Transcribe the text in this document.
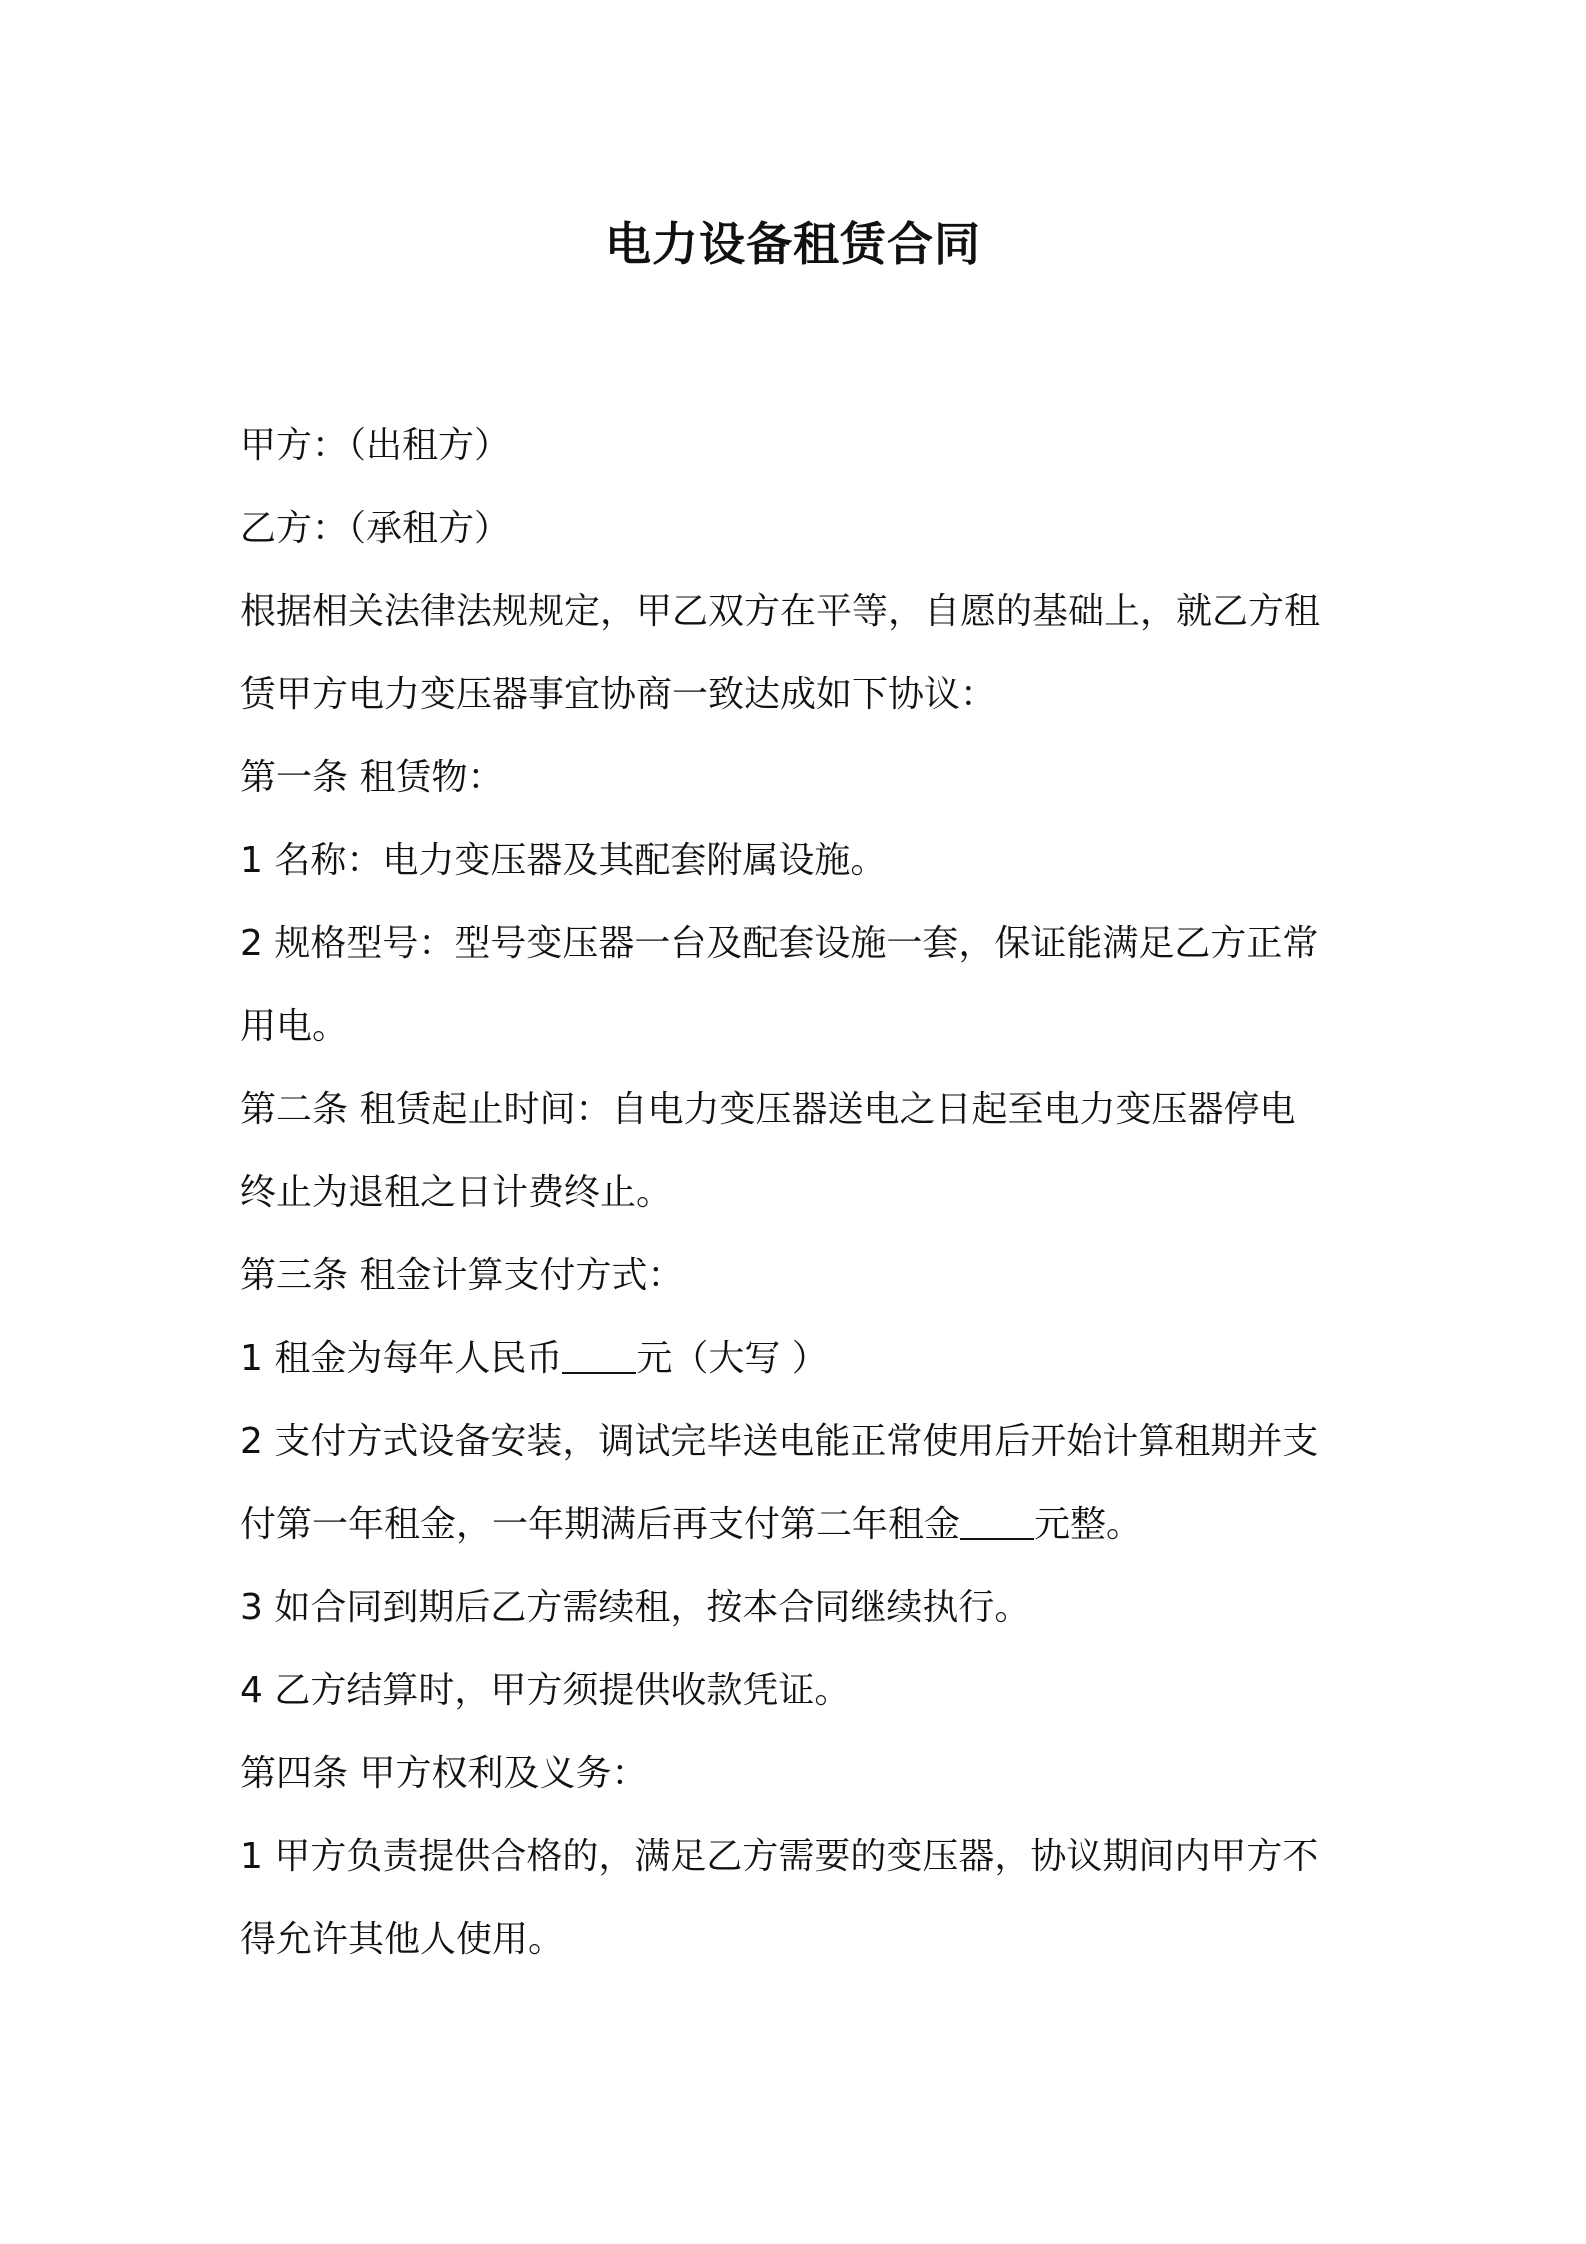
电力设备租赁合同
甲方：（出租方）
乙方：（承租方）
根据相关法律法规规定，甲乙双方在平等，自愿的基础上，就乙方租
赁甲方电力变压器事宜协商一致达成如下协议：
第一条 租赁物：
1 名称：电力变压器及其配套附属设施。
2 规格型号：型号变压器一台及配套设施一套，保证能满足乙方正常
用电。
第二条 租赁起止时间：自电力变压器送电之日起至电力变压器停电
终止为退租之日计费终止。
第三条 租金计算支付方式：
1 租金为每年人民币 元（大写 ）
2 支付方式设备安装，调试完毕送电能正常使用后开始计算租期并支
付第一年租金，一年期满后再支付第二年租金 元整。
3 如合同到期后乙方需续租，按本合同继续执行。
4 乙方结算时，甲方须提供收款凭证。
第四条 甲方权利及义务：
1 甲方负责提供合格的，满足乙方需要的变压器，协议期间内甲方不
得允许其他人使用。
